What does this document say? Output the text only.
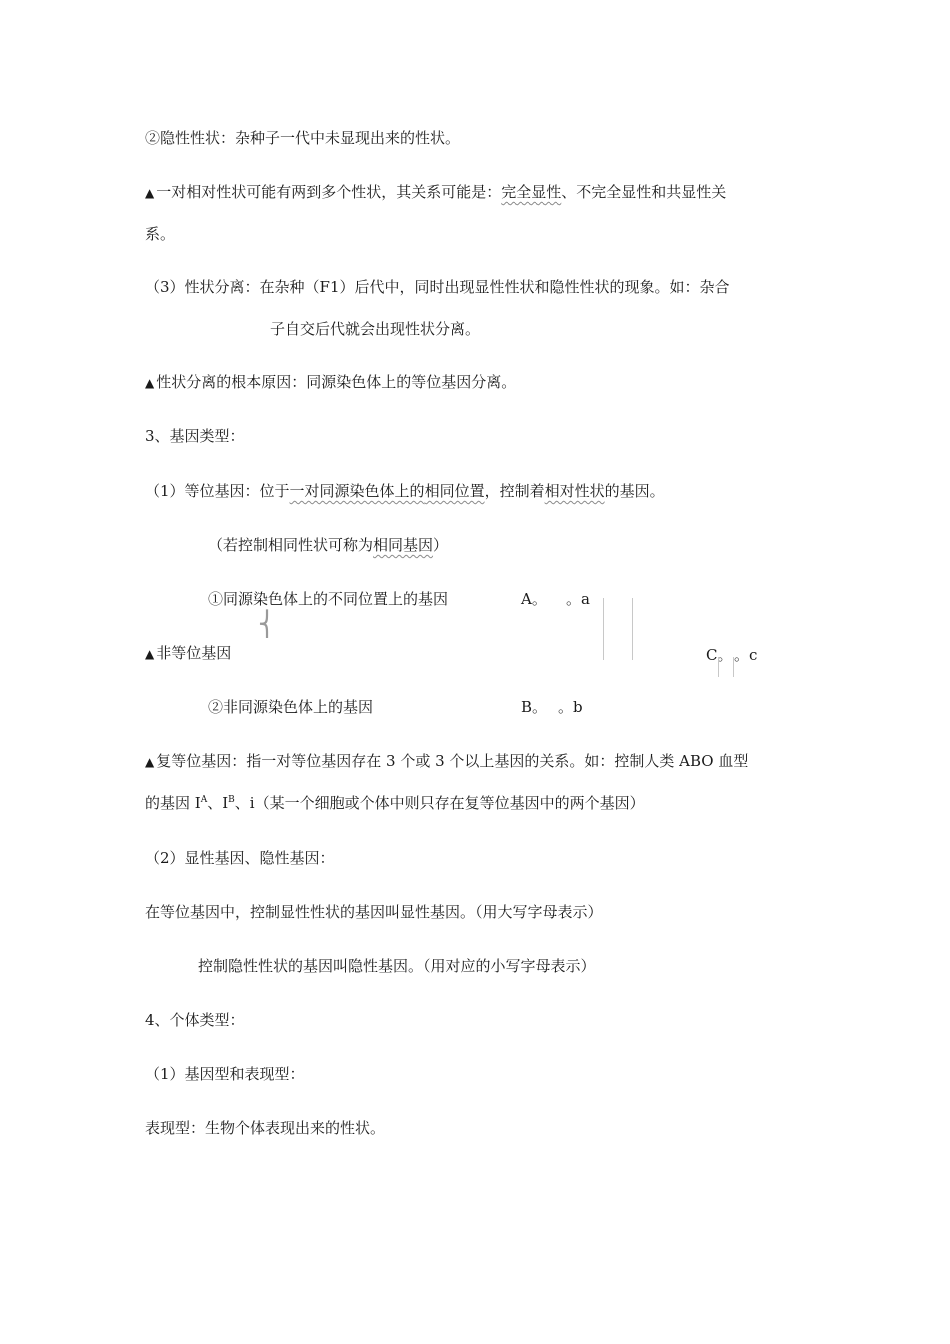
②隐性性状：杂种子一代中未显现出来的性状。
▲ 一对相对性状可能有两到多个性状，其关系可能是：完全显性、不完全显性和共显性关
系。
（3）性状分离：在杂种（F1）后代中，同时出现显性性状和隐性性状的现象。如：杂合
子自交后代就会出现性状分离。
▲ 性状分离的根本原因：同源染色体上的等位基因分离。
3、基因类型：
（1）等位基因：位于一对同源染色体上的相同位置，控制着相对性状的基因。
（若控制相同性状可称为相同基因）
①同源染色体上的不同位置上的基因	A。 。a
⎨
▲ 非等位基因	C。 。c
②非同源染色体上的基因	B。 。b
▲ 复等位基因：指一对等位基因存在 3 个或 3 个以上基因的关系。如：控制人类 ABO 血型
的基因 $I^A$、$I^B$、i（某一个细胞或个体中则只存在复等位基因中的两个基因）
（2）显性基因、隐性基因：
在等位基因中，控制显性性状的基因叫显性基因。（用大写字母表示）
控制隐性性状的基因叫隐性基因。（用对应的小写字母表示）
4、个体类型：
（1）基因型和表现型：
表现型：生物个体表现出来的性状。
